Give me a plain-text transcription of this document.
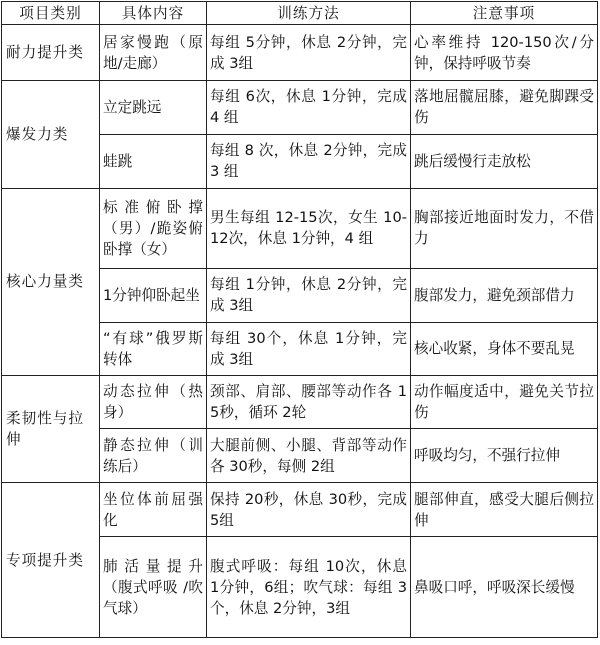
项目类别	具体内容	训练方法	注意事项
耐力提升类	居家慢跑（原地/走廊）	每组 5分钟，休息 2分钟，完成 3组	心率维持 120-150次/分钟，保持呼吸节奏
爆发力类	立定跳远	每组 6次，休息 1分钟，完成 4 组	落地屈髋屈膝，避免脚踝受伤
	蛙跳	每组 8 次，休息 2分钟，完成 3 组	跳后缓慢行走放松
核心力量类	标准俯卧撑（男）/跪姿俯卧撑（女）	男生每组 12-15次，女生 10-12次，休息 1分钟，4 组	胸部接近地面时发力，不借力
	1分钟仰卧起坐	每组 1分钟，休息 2分钟，完成 3组	腹部发力，避免颈部借力
	“有球”俄罗斯转体	每组 30个，休息 1分钟，完成 3组	核心收紧，身体不要乱晃
柔韧性与拉伸	动态拉伸（热身）	颈部、肩部、腰部等动作各 15秒，循环 2轮	动作幅度适中，避免关节拉伤
	静态拉伸（训练后）	大腿前侧、小腿、背部等动作各 30秒，每侧 2组	呼吸均匀，不强行拉伸
专项提升类	坐位体前屈强化	保持 20秒，休息 30秒，完成 5组	腿部伸直，感受大腿后侧拉伸
	肺活量提升（腹式呼吸 /吹气球）	腹式呼吸：每组 10次，休息 1分钟，6组；吹气球：每组 3个，休息 2分钟，3组	鼻吸口呼，呼吸深长缓慢
